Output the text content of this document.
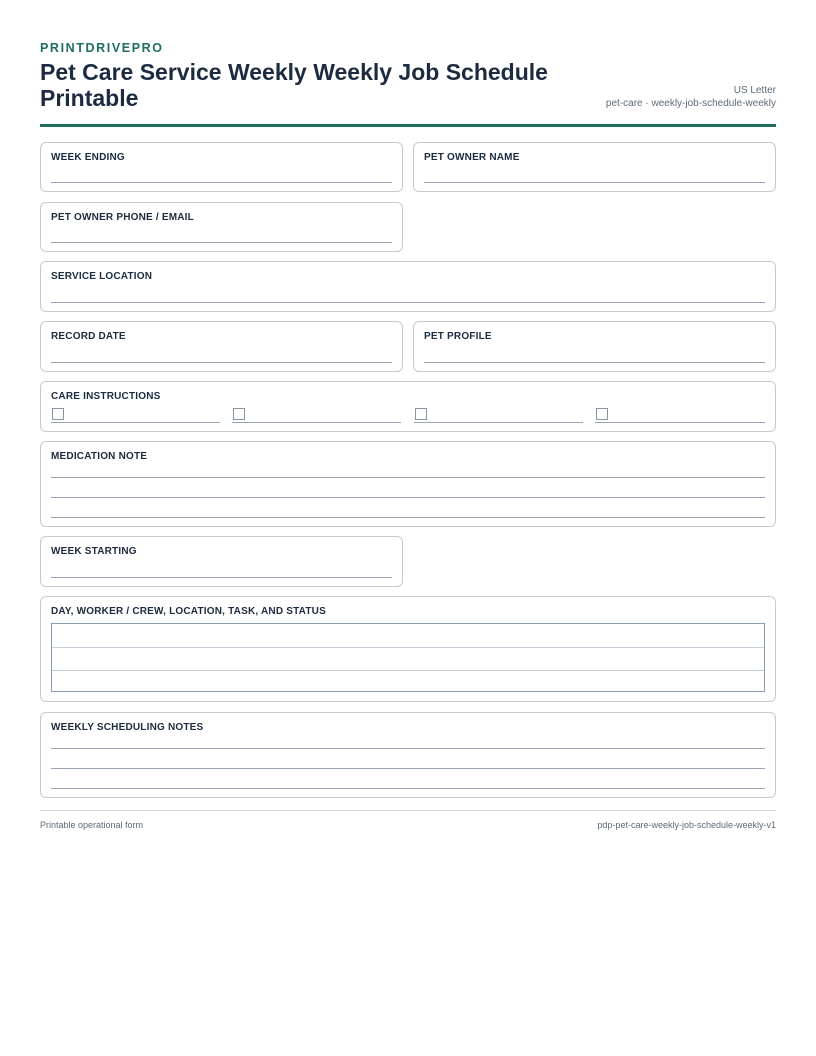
PRINTDRIVEPRO
Pet Care Service Weekly Weekly Job Schedule Printable	US Letter
pet-care · weekly-job-schedule-weekly
WEEK ENDING	PET OWNER NAME
PET OWNER PHONE / EMAIL
SERVICE LOCATION
RECORD DATE	PET PROFILE
CARE INSTRUCTIONS
MEDICATION NOTE
WEEK STARTING
DAY, WORKER / CREW, LOCATION, TASK, AND STATUS
WEEKLY SCHEDULING NOTES
Printable operational form	pdp-pet-care-weekly-job-schedule-weekly-v1
